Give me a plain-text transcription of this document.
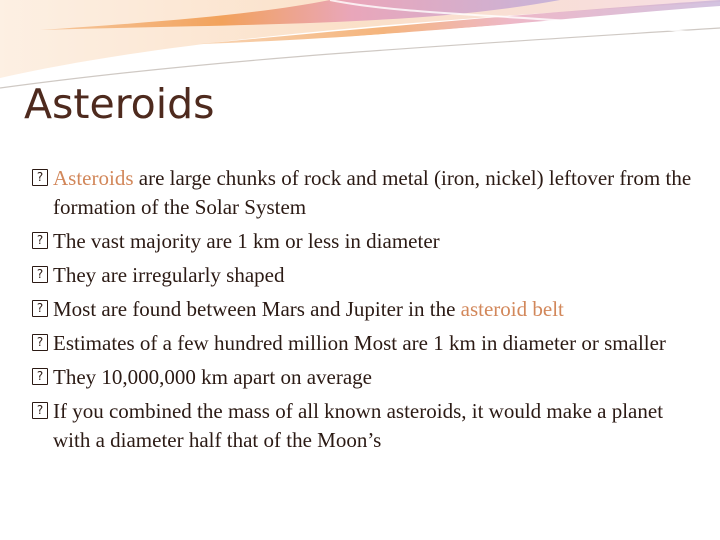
Asteroids
? Asteroids are large chunks of rock and metal (iron, nickel) leftover from the formation of the Solar System
? The vast majority are 1 km or less in diameter
? They are irregularly shaped
? Most are found between Mars and Jupiter in the asteroid belt
? Estimates of a few hundred million Most are 1 km in diameter or smaller
? They 10,000,000 km apart on average
? If you combined the mass of all known asteroids, it would make a planet with a diameter half that of the Moon’s
